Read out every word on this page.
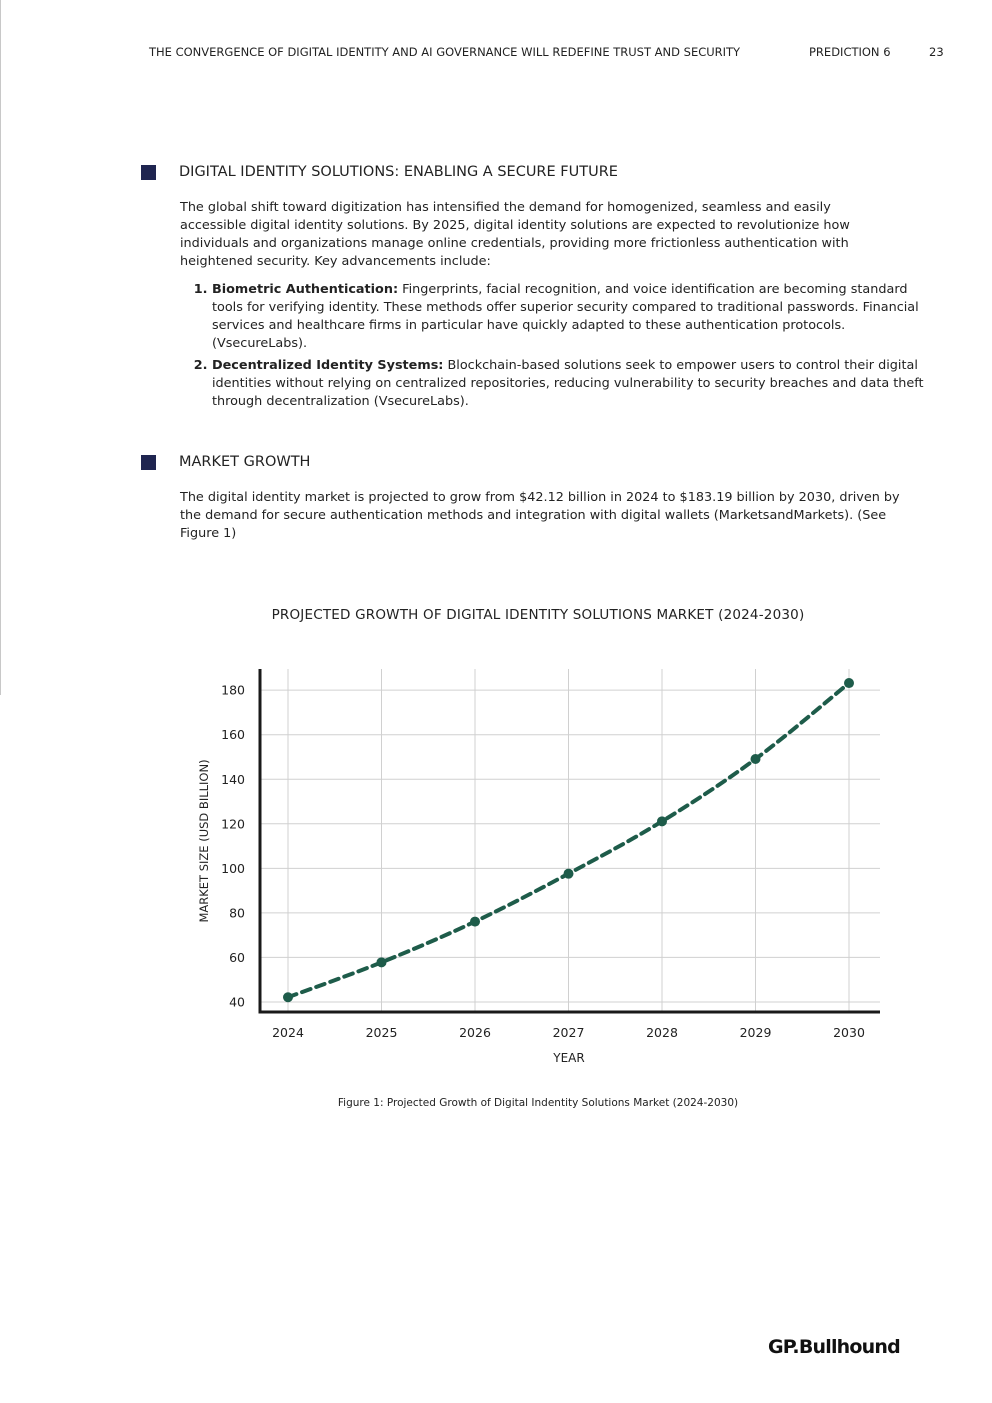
THE CONVERGENCE OF DIGITAL IDENTITY AND AI GOVERNANCE WILL REDEFINE TRUST AND SECURITY	PREDICTION 6	23
DIGITAL IDENTITY SOLUTIONS: ENABLING A SECURE FUTURE
The global shift toward digitization has intensified the demand for homogenized, seamless and easily accessible digital identity solutions. By 2025, digital identity solutions are expected to revolutionize how individuals and organizations manage online credentials, providing more frictionless authentication with heightened security. Key advancements include:
1. Biometric Authentication: Fingerprints, facial recognition, and voice identification are becoming standard tools for verifying identity. These methods offer superior security compared to traditional passwords. Financial services and healthcare firms in particular have quickly adapted to these authentication protocols. (VsecureLabs).
2. Decentralized Identity Systems: Blockchain-based solutions seek to empower users to control their digital identities without relying on centralized repositories, reducing vulnerability to security breaches and data theft through decentralization (VsecureLabs).
MARKET GROWTH
The digital identity market is projected to grow from $42.12 billion in 2024 to $183.19 billion by 2030, driven by the demand for secure authentication methods and integration with digital wallets (MarketsandMarkets). (See Figure 1)
PROJECTED GROWTH OF DIGITAL IDENTITY SOLUTIONS MARKET (2024-2030)
40
60
80
100
120
140
160
180
2024	2025	2026	2027	2028	2029	2030
YEAR
MARKET SIZE (USD BILLION)
Figure 1: Projected Growth of Digital Indentity Solutions Market (2024-2030)
GP.Bullhound
